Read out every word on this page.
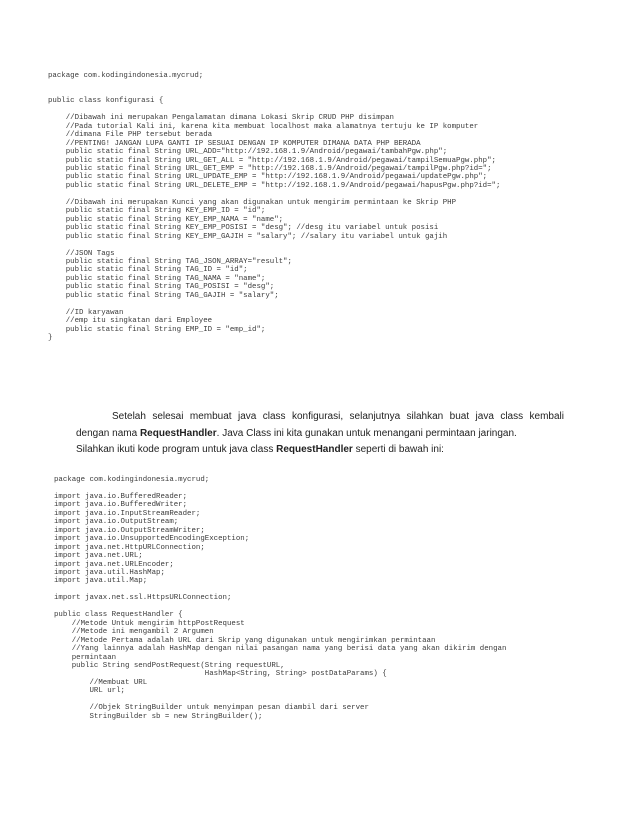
package com.kodingindonesia.mycrud;

public class konfigurasi {

//Dibawah ini merupakan Pengalamatan dimana Lokasi Skrip CRUD PHP disimpan
//Pada tutorial Kali ini, karena kita membuat localhost maka alamatnya tertuju ke IP komputer
//dimana File PHP tersebut berada
//PENTING! JANGAN LUPA GANTI IP SESUAI DENGAN IP KOMPUTER DIMANA DATA PHP BERADA
public static final String URL_ADD="http://192.168.1.9/Android/pegawai/tambahPgw.php";
public static final String URL_GET_ALL = "http://192.168.1.9/Android/pegawai/tampilSemuaPgw.php";
public static final String URL_GET_EMP = "http://192.168.1.9/Android/pegawai/tampilPgw.php?id=";
public static final String URL_UPDATE_EMP = "http://192.168.1.9/Android/pegawai/updatePgw.php";
public static final String URL_DELETE_EMP = "http://192.168.1.9/Android/pegawai/hapusPgw.php?id=";

//Dibawah ini merupakan Kunci yang akan digunakan untuk mengirim permintaan ke Skrip PHP
public static final String KEY_EMP_ID = "id";
public static final String KEY_EMP_NAMA = "name";
public static final String KEY_EMP_POSISI = "desg"; //desg itu variabel untuk posisi
public static final String KEY_EMP_GAJIH = "salary"; //salary itu variabel untuk gajih

//JSON Tags
public static final String TAG_JSON_ARRAY="result";
public static final String TAG_ID = "id";
public static final String TAG_NAMA = "name";
public static final String TAG_POSISI = "desg";
public static final String TAG_GAJIH = "salary";

//ID karyawan
//emp itu singkatan dari Employee
public static final String EMP_ID = "emp_id";
}

Setelah selesai membuat java class konfigurasi, selanjutnya silahkan buat java class kembali

dengan nama RequestHandler. Java Class ini kita gunakan untuk menangani permintaan jaringan.

Silahkan ikuti kode program untuk java class RequestHandler seperti di bawah ini:

package com.kodingindonesia.mycrud;

import java.io.BufferedReader;
import java.io.BufferedWriter;
import java.io.InputStreamReader;
import java.io.OutputStream;
import java.io.OutputStreamWriter;
import java.io.UnsupportedEncodingException;
import java.net.HttpURLConnection;
import java.net.URL;
import java.net.URLEncoder;
import java.util.HashMap;
import java.util.Map;

import javax.net.ssl.HttpsURLConnection;

public class RequestHandler {
//Metode Untuk mengirim httpPostRequest
//Metode ini mengambil 2 Argumen
//Metode Pertama adalah URL dari Skrip yang digunakan untuk mengirimkan permintaan
//Yang lainnya adalah HashMap dengan nilai pasangan nama yang berisi data yang akan dikirim dengan
permintaan
public String sendPostRequest(String requestURL,
HashMap<String, String> postDataParams) {
//Membuat URL
URL url;

//Objek StringBuilder untuk menyimpan pesan diambil dari server
StringBuilder sb = new StringBuilder();
